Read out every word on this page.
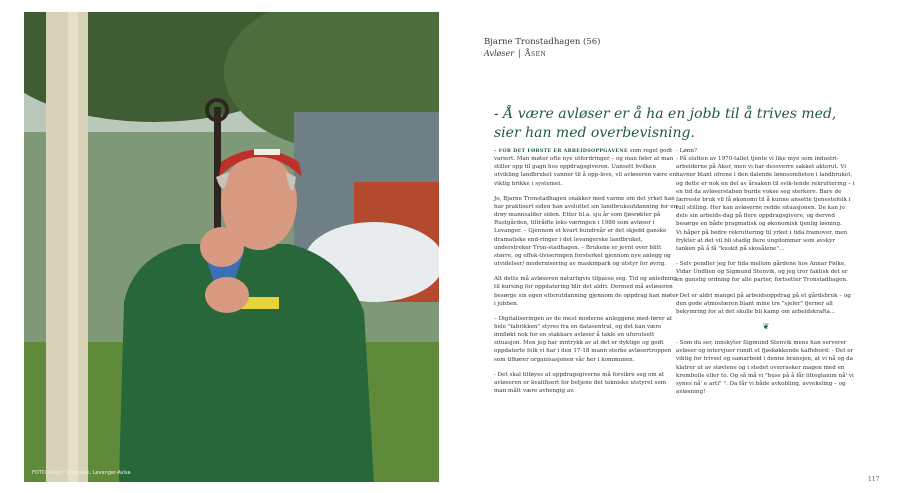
FOTO: Roger Svendsen, Levanger-Avisa
Bjarne Tronstadhagen (56)
Avløser | Åsen
- Å være avløser er å ha en jobb til å trives med, sier han med overbevisning.

– FOR DET FØRSTE ER ARBEIDSOPPGAVENE som regel godt variert. Man møter ofte nye utfordringer – og man føler at man stiller opp til gagn hos oppdragsgiveren. Uansett hvilken utvikling landbruket vanner til å opp-leve, vil avløseren være en viktig brikke i systemet.

Jo, Bjarne Tronstadhagen snakker med varme om det yrket han har praktisert siden han avsluttet sin landbruksutdanning for en drøy mannsalder siden. Etter bl.a. sju år som fjøsrøkter på Rustgården, tiltrådte leks-væringen i 1986 som avløser i Levanger. – Gjennom et kvart hundreår er det skjedd ganske dramatiske end-ringer i det levangerske landbruket, understreker Tron-stadhagen. – Brukene er jevnt over blitt større, og effek-tiviseringen forsterket gjennom nye anlegg og utvidelser/ modernisering av maskinpark og utstyr for øvrig.

Alt dette må avløseren naturligvis tilpasse seg. Tid og anledning til kursing for oppdatering blir det aldri. Dermed må avløseren besørge sin egen etterutdanning gjennom de oppdrag han møter i jobben.

– Digitaliseringen av de mest moderne anleggene med-fører at hele "fabrikken" styres fra en datasentral, og det kan være innfløkt nok for en stakkars avløser å takle en uforutsett situasjon. Men jeg har inntrykk av at det er dyktige og godt oppdaterte folk vi har i den 17-18 mann sterke avløsertroppen som tilhører organisasjonen vår her i kommunen.

- Det skal tilføyes at oppdragsgiverne må forsikre seg om at avløseren er kvalifisert for betjene det tekniske utstyret som man mått være avhengig av.

- Lønn?

- På slutten av 1970-tallet tjente vi like mye som industri-arbeiderne på Aker, men vi har dessverre sakket akterut. Vi havner blant ofrene i den dalende lønnsomheten i landbruket, og dette er nok en del av årsaken til svik-tende rekruttering – i en tid da avløserstaben burde vokse seg sterkere. Bare de færreste bruk vil få økonomi til å kunne ansette tjenestefolk i full stilling. Her kan avløserne redde situasjonen. De kan jo dele sin arbeids-dag på flere oppdragsgivere, og derved besørge en både pragmatisk og økonomisk tjenlig løsning.

Vi håper på bedre rekruttering til yrket i tida framover, men frykter at det vil bli stadig flere ungdommer som avskyr tanken på å få "kuskit på skosålene"...

- Selv pendler jeg for tida mellom gårdene hos Annar Følke, Vidar Undlien og Sigmund Stenvik, og jeg tror faktisk det er en gunstig ordning for alle parter, fortsetter Tronstadhagen.

- Det er aldri mangel på arbeidsoppdrag på et gårdsbruk – og den gode atmosfæren blant mine tre "sjefer" fjerner all bekymring for at det skulle bli kamp om arbeidskrafta...

❦

- Som du ser, innskyter Sigmund Stenvik mens han serverer avløser og intervjuer rundt et fjøskøkkende kaffebord: - Det er viktig for trivsel og samarbeid i denne bransjen, at vi nå og da klatrer ut av støvlene og i stedet overrasker magen med en krembolle eller to. Og så må vi "huss på å får litteglanim nå' vi synes nå' e arti" ". Da får vi både avkobling, avveksling – og avløsning!

117
